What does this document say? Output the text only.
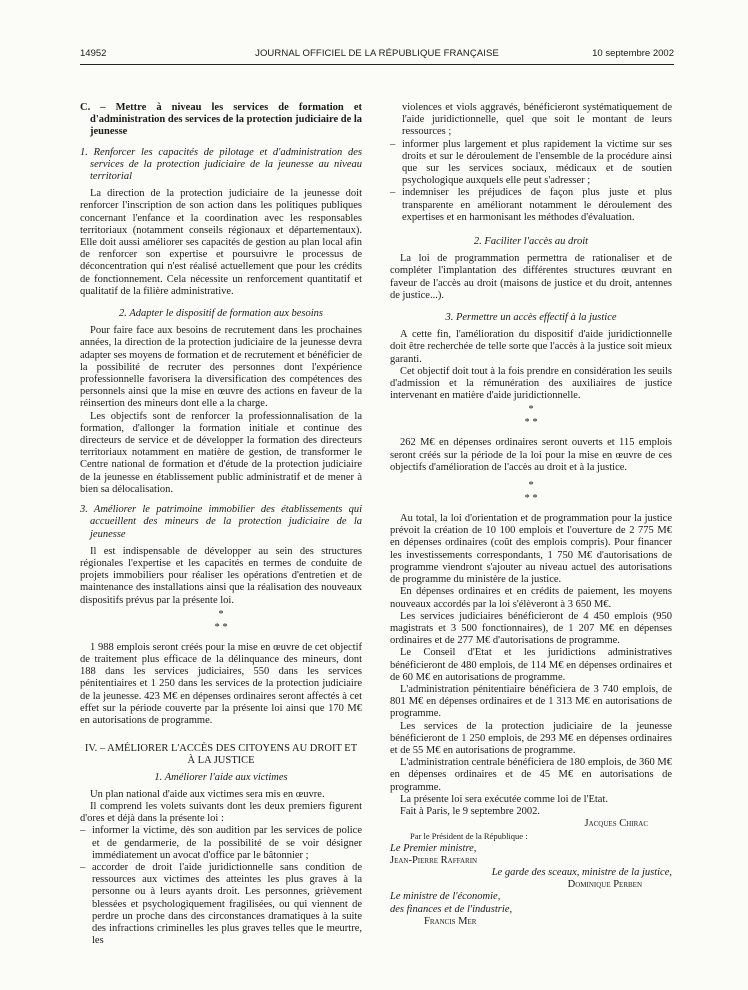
14952	JOURNAL OFFICIEL DE LA RÉPUBLIQUE FRANÇAISE	10 septembre 2002

C. – Mettre à niveau les services de formation et d'administration des services de la protection judiciaire de la jeunesse

1. Renforcer les capacités de pilotage et d'administration des services de la protection judiciaire de la jeunesse au niveau territorial

La direction de la protection judiciaire de la jeunesse doit renforcer l'inscription de son action dans les politiques publiques concernant l'enfance et la coordination avec les responsables territoriaux (notamment conseils régionaux et départementaux). Elle doit aussi améliorer ses capacités de gestion au plan local afin de renforcer son expertise et poursuivre le processus de déconcentration qui n'est réalisé actuellement que pour les crédits de fonctionnement. Cela nécessite un renforcement quantitatif et qualitatif de la filière administrative.

2. Adapter le dispositif de formation aux besoins

Pour faire face aux besoins de recrutement dans les prochaines années, la direction de la protection judiciaire de la jeunesse devra adapter ses moyens de formation et de recrutement et bénéficier de la possibilité de recruter des personnes dont l'expérience professionnelle favorisera la diversification des compétences des personnels ainsi que la mise en œuvre des actions en faveur de la réinsertion des mineurs dont elle a la charge.

Les objectifs sont de renforcer la professionnalisation de la formation, d'allonger la formation initiale et continue des directeurs de service et de développer la formation des directeurs territoriaux notamment en matière de gestion, de transformer le Centre national de formation et d'étude de la protection judiciaire de la jeunesse en établissement public administratif et de mener à bien sa délocalisation.

3. Améliorer le patrimoine immobilier des établissements qui accueillent des mineurs de la protection judiciaire de la jeunesse

Il est indispensable de développer au sein des structures régionales l'expertise et les capacités en termes de conduite de projets immobiliers pour réaliser les opérations d'entretien et de maintenance des installations ainsi que la réalisation des nouveaux dispositifs prévus par la présente loi.

*

* *

1 988 emplois seront créés pour la mise en œuvre de cet objectif de traitement plus efficace de la délinquance des mineurs, dont 188 dans les services judiciaires, 550 dans les services pénitentiaires et 1 250 dans les services de la protection judiciaire de la jeunesse. 423 M€ en dépenses ordinaires seront affectés à cet effet sur la période couverte par la présente loi ainsi que 170 M€ en autorisations de programme.

IV. – AMÉLIORER L'ACCÈS DES CITOYENS AU DROIT ET À LA JUSTICE

1. Améliorer l'aide aux victimes

Un plan national d'aide aux victimes sera mis en œuvre.

Il comprend les volets suivants dont les deux premiers figurent d'ores et déjà dans la présente loi :

– informer la victime, dès son audition par les services de police et de gendarmerie, de la possibilité de se voir désigner immédiatement un avocat d'office par le bâtonnier ;
– accorder de droit l'aide juridictionnelle sans condition de ressources aux victimes des atteintes les plus graves à la personne ou à leurs ayants droit. Les personnes, grièvement blessées et psychologiquement fragilisées, ou qui viennent de perdre un proche dans des circonstances dramatiques à la suite des infractions criminelles les plus graves telles que le meurtre, les

violences et viols aggravés, bénéficieront systématiquement de l'aide juridictionnelle, quel que soit le montant de leurs ressources ;

– informer plus largement et plus rapidement la victime sur ses droits et sur le déroulement de l'ensemble de la procédure ainsi que sur les services sociaux, médicaux et de soutien psychologique auxquels elle peut s'adresser ;
– indemniser les préjudices de façon plus juste et plus transparente en améliorant notamment le déroulement des expertises et en harmonisant les méthodes d'évaluation.

2. Faciliter l'accès au droit

La loi de programmation permettra de rationaliser et de compléter l'implantation des différentes structures œuvrant en faveur de l'accès au droit (maisons de justice et du droit, antennes de justice...).

3. Permettre un accès effectif à la justice

A cette fin, l'amélioration du dispositif d'aide juridictionnelle doit être recherchée de telle sorte que l'accès à la justice soit mieux garanti.

Cet objectif doit tout à la fois prendre en considération les seuils d'admission et la rémunération des auxiliaires de justice intervenant en matière d'aide juridictionnelle.

*

* *

262 M€ en dépenses ordinaires seront ouverts et 115 emplois seront créés sur la période de la loi pour la mise en œuvre de ces objectifs d'amélioration de l'accès au droit et à la justice.

*

* *

Au total, la loi d'orientation et de programmation pour la justice prévoit la création de 10 100 emplois et l'ouverture de 2 775 M€ en dépenses ordinaires (coût des emplois compris). Pour financer les investissements correspondants, 1 750 M€ d'autorisations de programme viendront s'ajouter au niveau actuel des autorisations de programme du ministère de la justice.

En dépenses ordinaires et en crédits de paiement, les moyens nouveaux accordés par la loi s'élèveront à 3 650 M€.

Les services judiciaires bénéficieront de 4 450 emplois (950 magistrats et 3 500 fonctionnaires), de 1 207 M€ en dépenses ordinaires et de 277 M€ d'autorisations de programme.

Le Conseil d'Etat et les juridictions administratives bénéficieront de 480 emplois, de 114 M€ en dépenses ordinaires et de 60 M€ en autorisations de programme.

L'administration pénitentiaire bénéficiera de 3 740 emplois, de 801 M€ en dépenses ordinaires et de 1 313 M€ en autorisations de programme.

Les services de la protection judiciaire de la jeunesse bénéficieront de 1 250 emplois, de 293 M€ en dépenses ordinaires et de 55 M€ en autorisations de programme.

L'administration centrale bénéficiera de 180 emplois, de 360 M€ en dépenses ordinaires et de 45 M€ en autorisations de programme.

La présente loi sera exécutée comme loi de l'Etat.

Fait à Paris, le 9 septembre 2002.

Jacques Chirac

Par le Président de la République :

Le Premier ministre,

Jean-Pierre Raffarin

Le garde des sceaux, ministre de la justice,

Dominique Perben

Le ministre de l'économie,

des finances et de l'industrie,

Francis Mer
